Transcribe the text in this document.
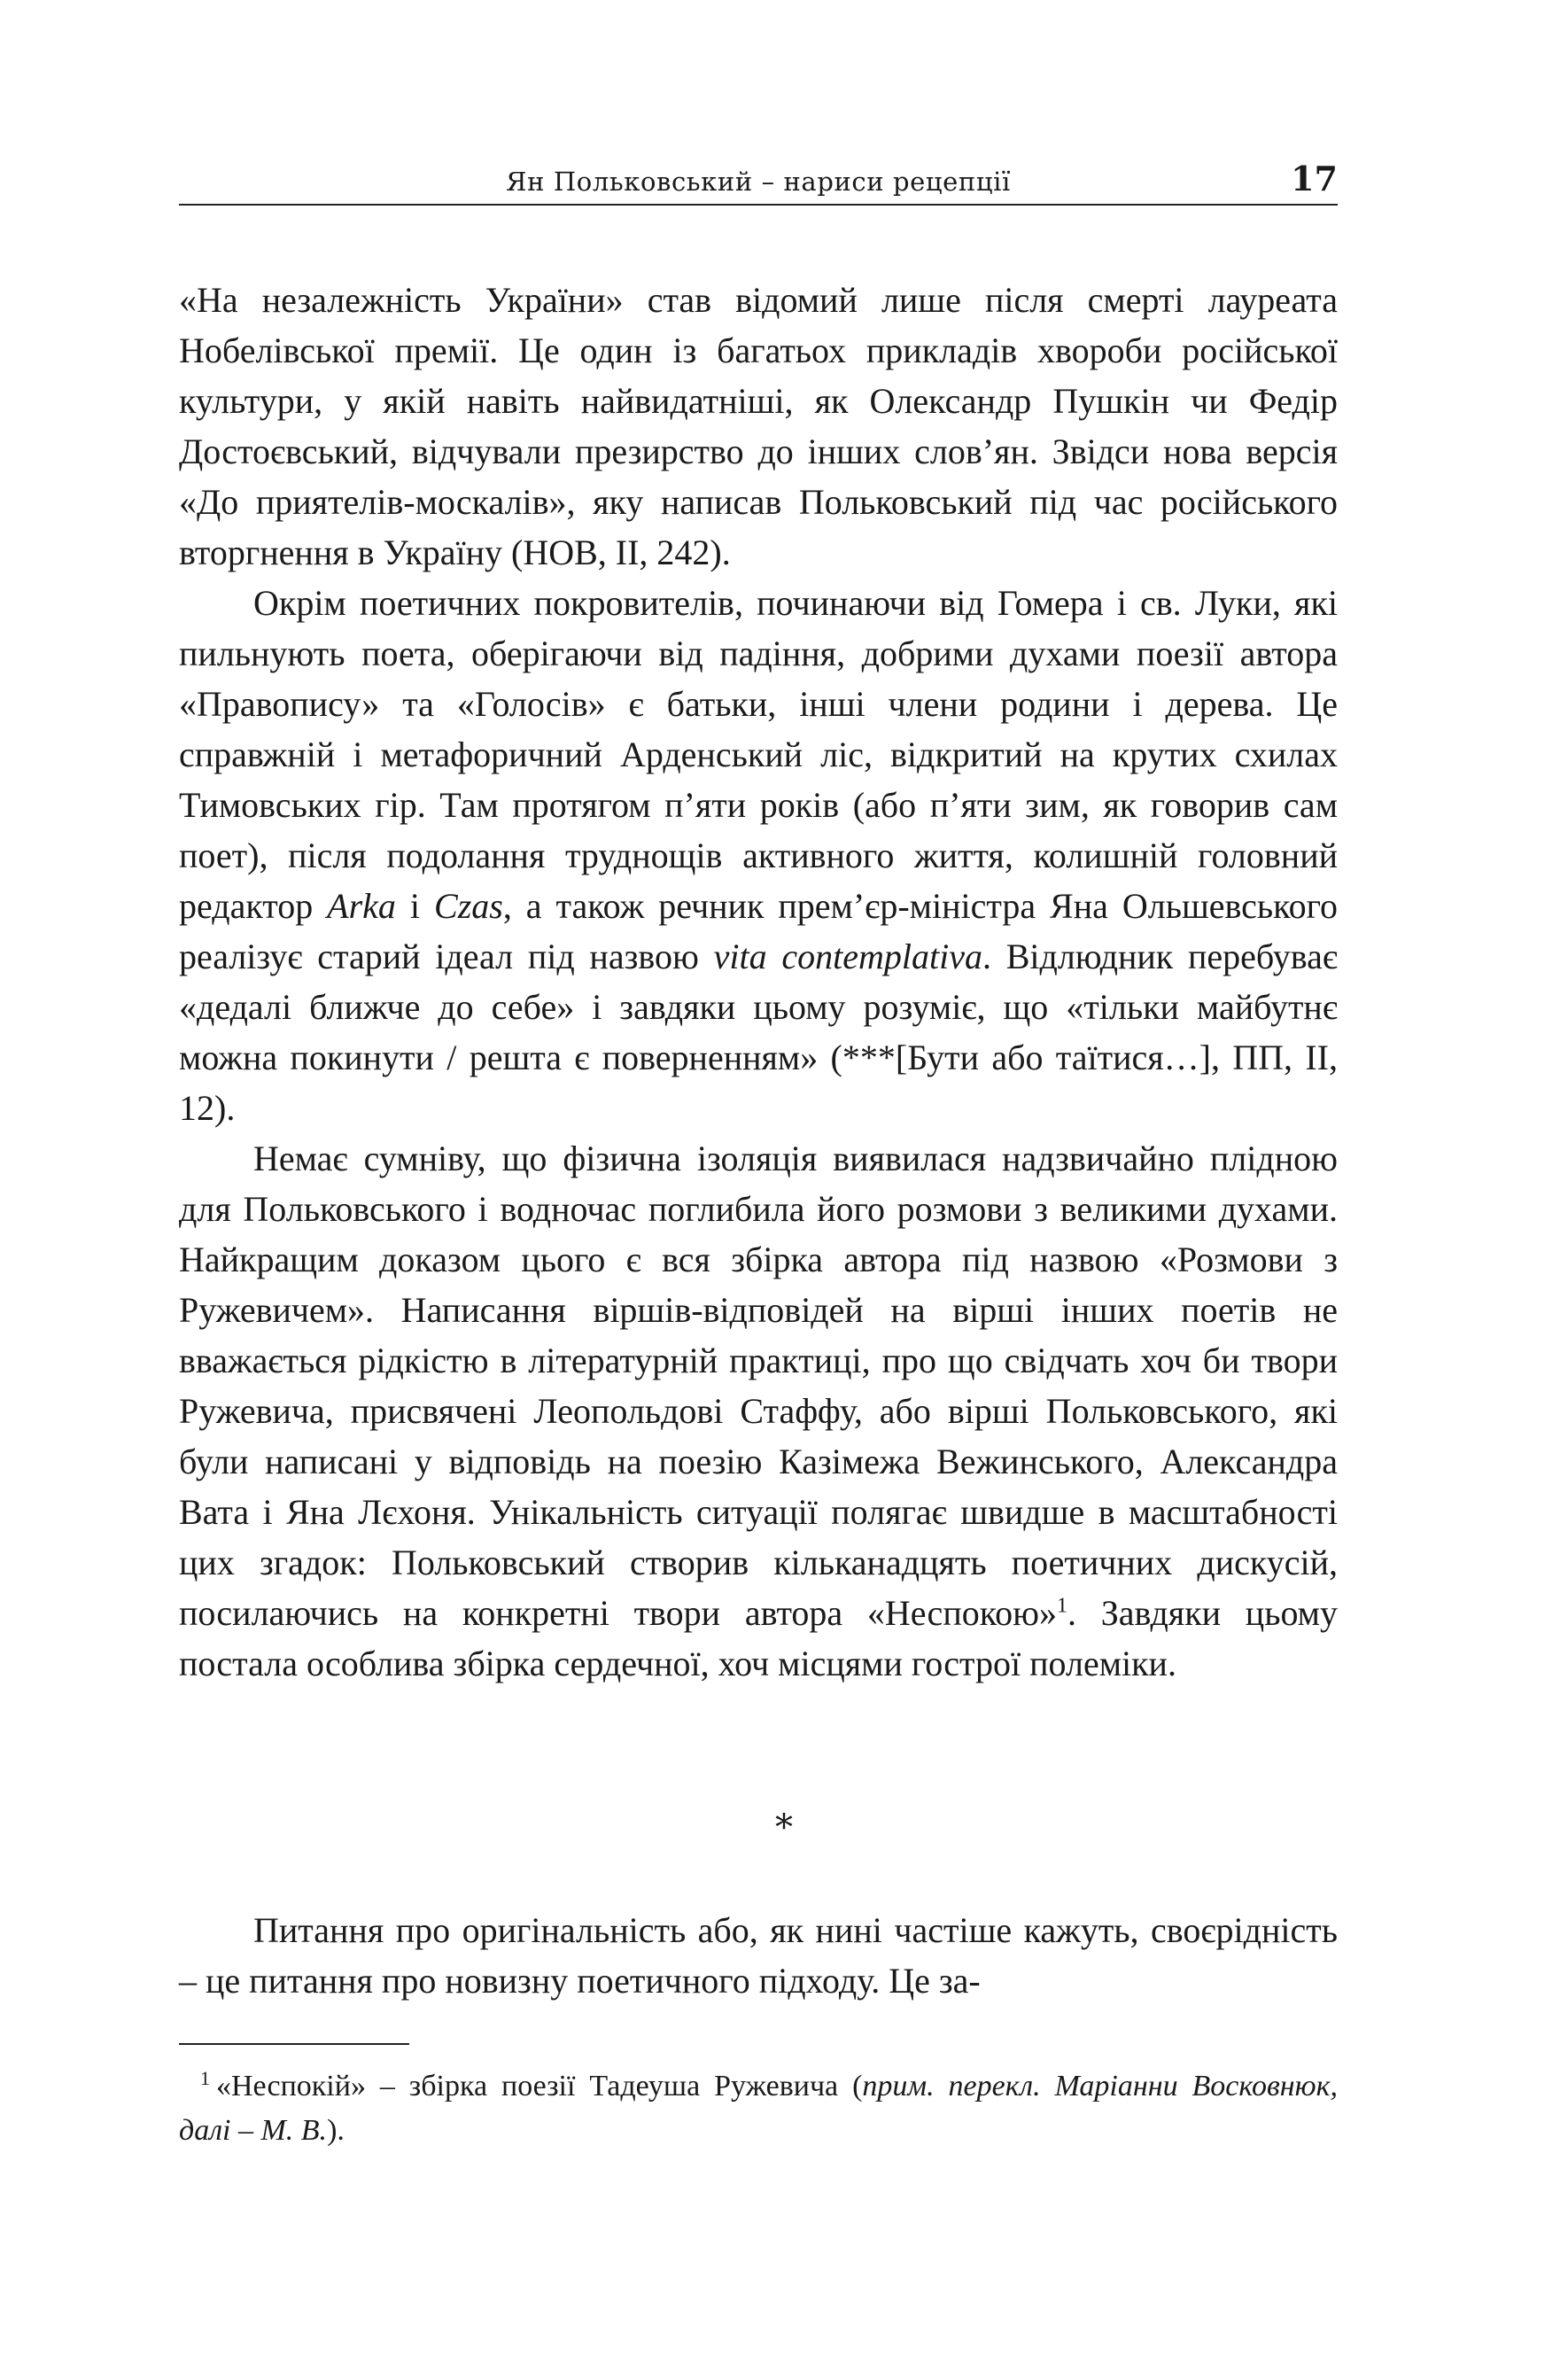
Ян Польковський – нариси рецепції	17

«На незалежність України» став відомий лише після смерті лауреата Нобелівської премії. Це один із багатьох прикладів хвороби російської культури, у якій навіть найвидатніші, як Олександр Пушкін чи Федір Достоєвський, відчували презирство до інших слов’ян. Звідси нова версія «До приятелів-москалів», яку написав Польковський під час російського вторгнення в Україну (НОВ, II, 242).

Окрім поетичних покровителів, починаючи від Гомера і св. Луки, які пильнують поета, оберігаючи від падіння, добрими духами поезії автора «Правопису» та «Голосів» є батьки, інші члени родини і дерева. Це справжній і метафоричний Арденський ліс, відкритий на крутих схилах Тимовських гір. Там протягом п’яти років (або п’яти зим, як говорив сам поет), після подолання труднощів активного життя, колишній головний редактор Arka і Czas, а також речник прем’єр-міністра Яна Ольшевського реалізує старий ідеал під назвою vita contemplativa. Відлюдник перебуває «дедалі ближче до себе» і завдяки цьому розуміє, що «тільки майбутнє можна покинути / решта є поверненням» (***[Бути або таїтися…], ПП, II, 12).

Немає сумніву, що фізична ізоляція виявилася надзвичайно плідною для Польковського і водночас поглибила його розмови з великими духами. Найкращим доказом цього є вся збірка автора під назвою «Розмови з Ружевичем». Написання віршів-відповідей на вірші інших поетів не вважається рідкістю в літературній практиці, про що свідчать хоч би твори Ружевича, присвячені Леопольдові Стаффу, або вірші Польковського, які були написані у відповідь на поезію Казімежа Вежинського, Александра Вата і Яна Лєхоня. Унікальність ситуації полягає швидше в масштабності цих згадок: Польковський створив кільканадцять поетичних дискусій, посилаючись на конкретні твори автора «Неспокою»$^1$. Завдяки цьому постала особлива збірка сердечної, хоч місцями гострої полеміки.

*

Питання про оригінальність або, як нині частіше кажуть, своєрідність – це питання про новизну поетичного підходу. Це за-

1 «Неспокій» – збірка поезії Тадеуша Ружевича (прим. перекл. Маріанни Восковнюк, далі – М. В.).
